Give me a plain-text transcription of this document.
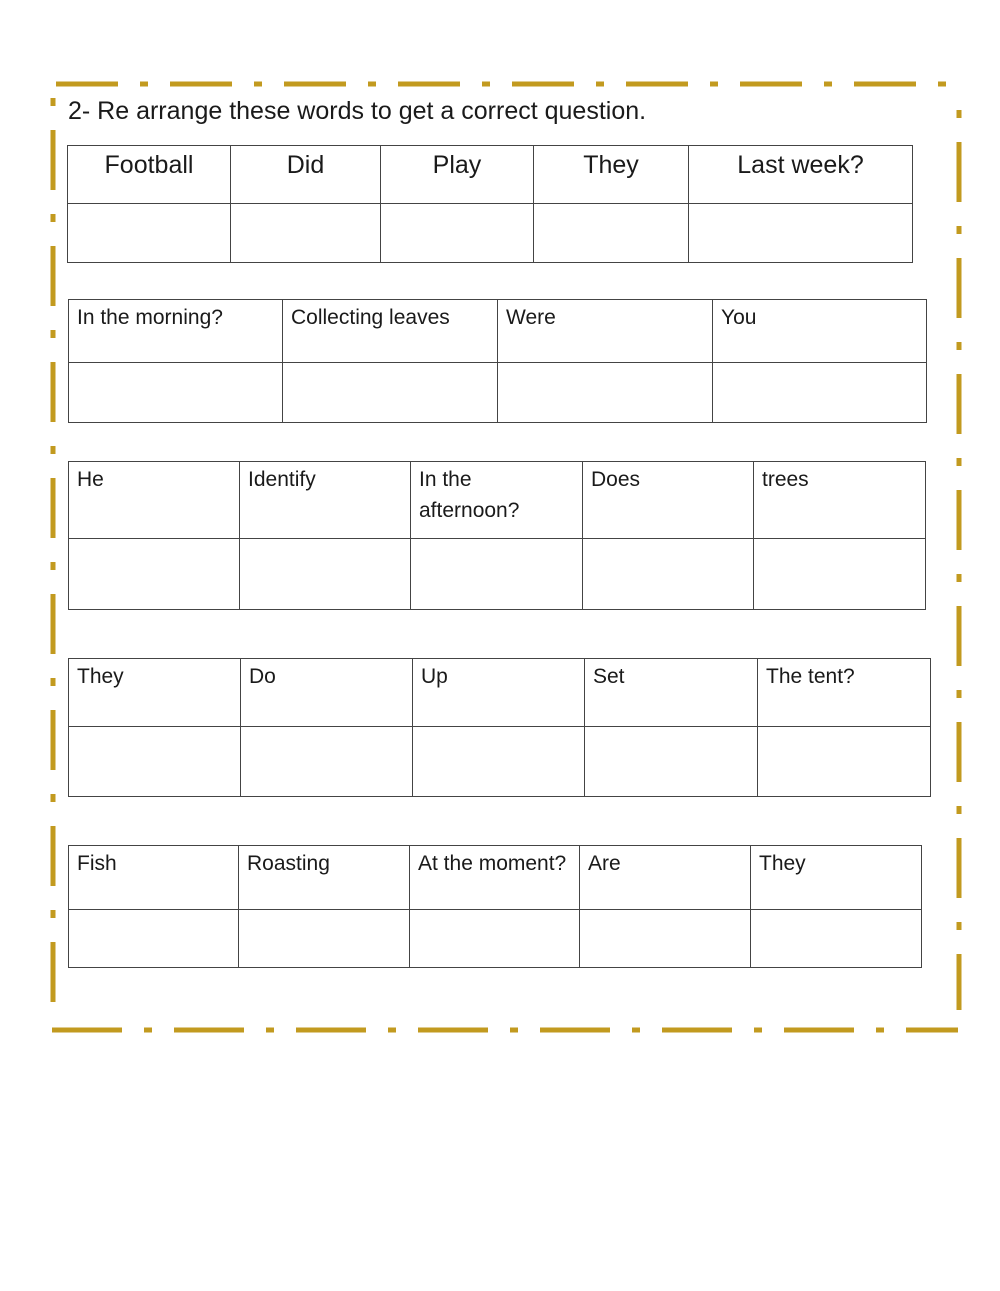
2- Re arrange these words to get a correct question.
Football	Did	Play	They	Last week?

In the morning?	Collecting leaves	Were	You

He	Identify	In the afternoon?	Does	trees

They	Do	Up	Set	The tent?

Fish	Roasting	At the moment?	Are	They
